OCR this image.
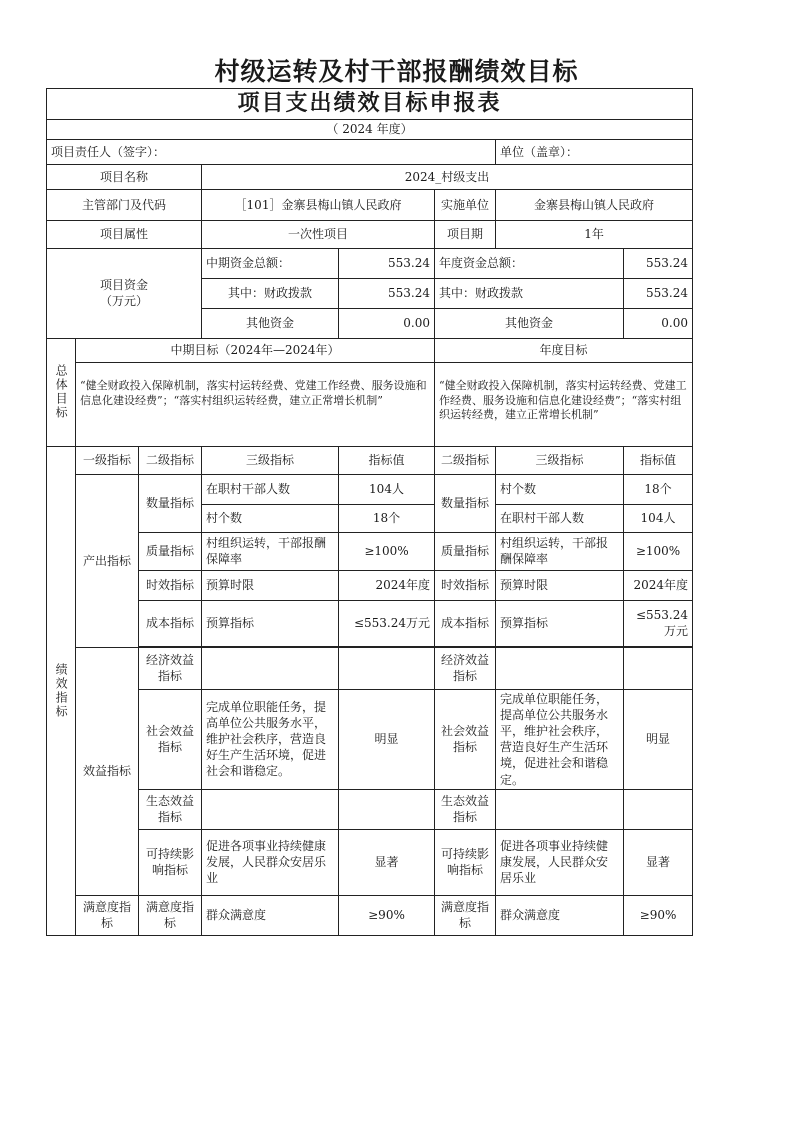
村级运转及村干部报酬绩效目标
项目支出绩效目标申报表							
（ 2024 年度）							
项目责任人（签字）：						单位（盖章）：	
项目名称			2024_村级支出				
主管部门及代码			［101］金寨县梅山镇人民政府		实施单位	金寨县梅山镇人民政府	
项目属性			一次性项目		项目期	1年	
项目资金
（万元）			中期资金总额：	553.24	年度资金总额：		553.24
			其中：财政拨款	553.24	其中：财政拨款		553.24
			其他资金	0.00	其他资金		0.00
总体目标	中期目标（2024年—2024年）				年度目标		
	“健全财政投入保障机制，落实村运转经费、党建工作经费、服务设施和信息化建设经费”；“落实村组织运转经费，建立正常增长机制”				“健全财政投入保障机制，落实村运转经费、党建工作经费、服务设施和信息化建设经费”；“落实村组织运转经费，建立正常增长机制”		
绩效指标	一级指标	二级指标	三级指标	指标值	二级指标	三级指标	指标值
	产出指标	数量指标	在职村干部人数	104人	数量指标	村个数	18个
			村个数	18个		在职村干部人数	104人
		质量指标	村组织运转，干部报酬保障率	≥100%	质量指标	村组织运转，干部报酬保障率	≥100%
		时效指标	预算时限	2024年度	时效指标	预算时限	2024年度
		成本指标	预算指标	≤553.24万元	成本指标	预算指标	≤553.24万元

	效益指标	经济效益指标			经济效益指标		
		社会效益指标	完成单位职能任务，提高单位公共服务水平，维护社会秩序，营造良好生产生活环境，促进社会和谐稳定。	明显	社会效益指标	完成单位职能任务，提高单位公共服务水平，维护社会秩序，营造良好生产生活环境，促进社会和谐稳定。	明显
		生态效益指标			生态效益指标		
		可持续影响指标	促进各项事业持续健康发展，人民群众安居乐业	显著	可持续影响指标	促进各项事业持续健康发展，人民群众安居乐业	显著
	满意度指标	满意度指标	群众满意度	≥90%	满意度指标	群众满意度	≥90%
